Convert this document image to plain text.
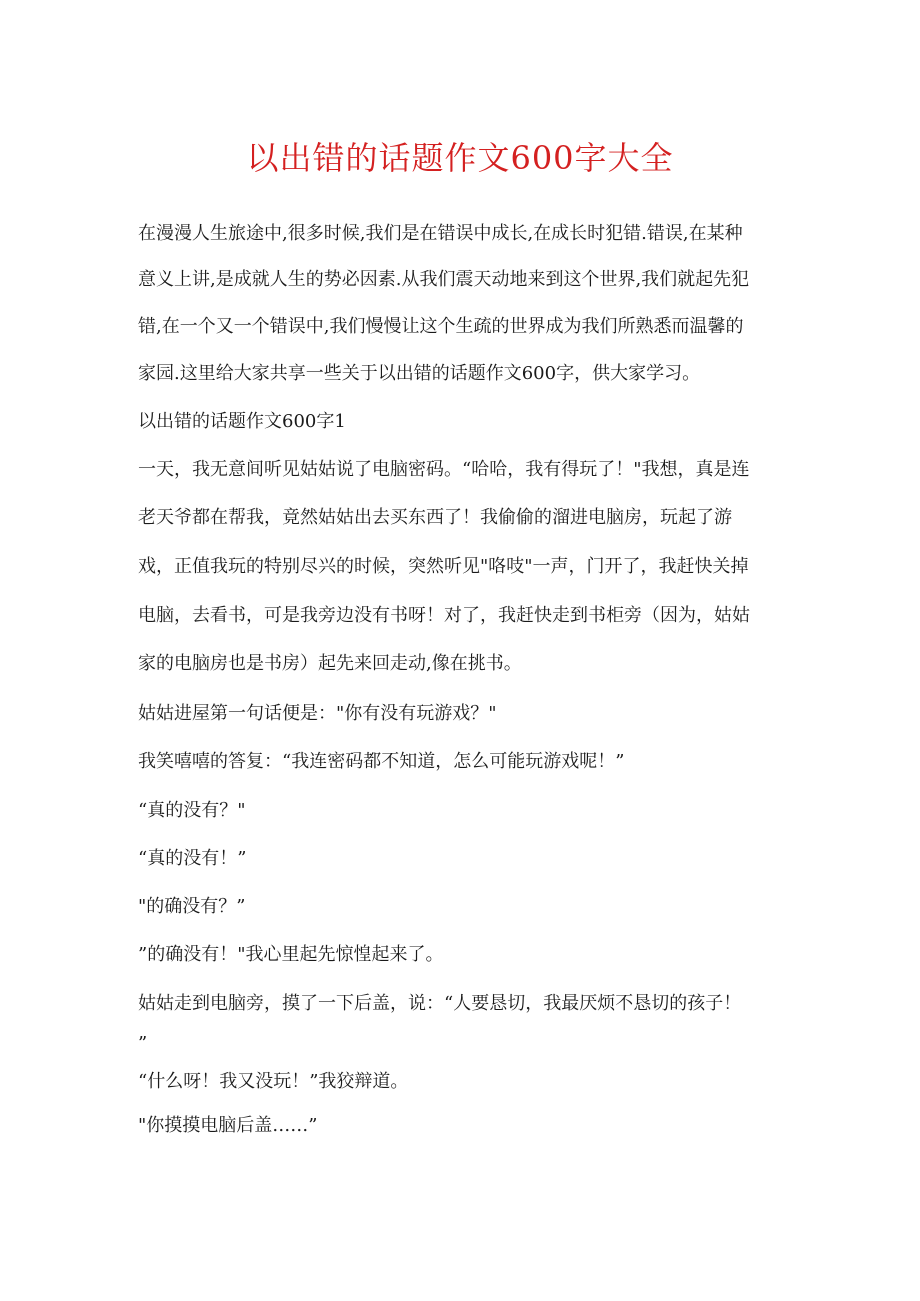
以出错的话题作文600字大全
在漫漫人生旅途中,很多时候,我们是在错误中成长,在成长时犯错.错误,在某种
意义上讲,是成就人生的势必因素.从我们震天动地来到这个世界,我们就起先犯
错,在一个又一个错误中,我们慢慢让这个生疏的世界成为我们所熟悉而温馨的
家园.这里给大家共享一些关于以出错的话题作文600字，供大家学习。
以出错的话题作文600字1
一天，我无意间听见姑姑说了电脑密码。“哈哈，我有得玩了！"我想，真是连
老天爷都在帮我，竟然姑姑出去买东西了！我偷偷的溜进电脑房，玩起了游
戏，正值我玩的特别尽兴的时候，突然听见"咯吱"一声，门开了，我赶快关掉
电脑，去看书，可是我旁边没有书呀！对了，我赶快走到书柜旁（因为，姑姑
家的电脑房也是书房）起先来回走动,像在挑书。
姑姑进屋第一句话便是："你有没有玩游戏？"
我笑嘻嘻的答复：“我连密码都不知道，怎么可能玩游戏呢！”
“真的没有？"
“真的没有！”
"的确没有？”
”的确没有！"我心里起先惊惶起来了。
姑姑走到电脑旁，摸了一下后盖，说：“人要恳切，我最厌烦不恳切的孩子！
”
“什么呀！我又没玩！”我狡辩道。
"你摸摸电脑后盖……”
